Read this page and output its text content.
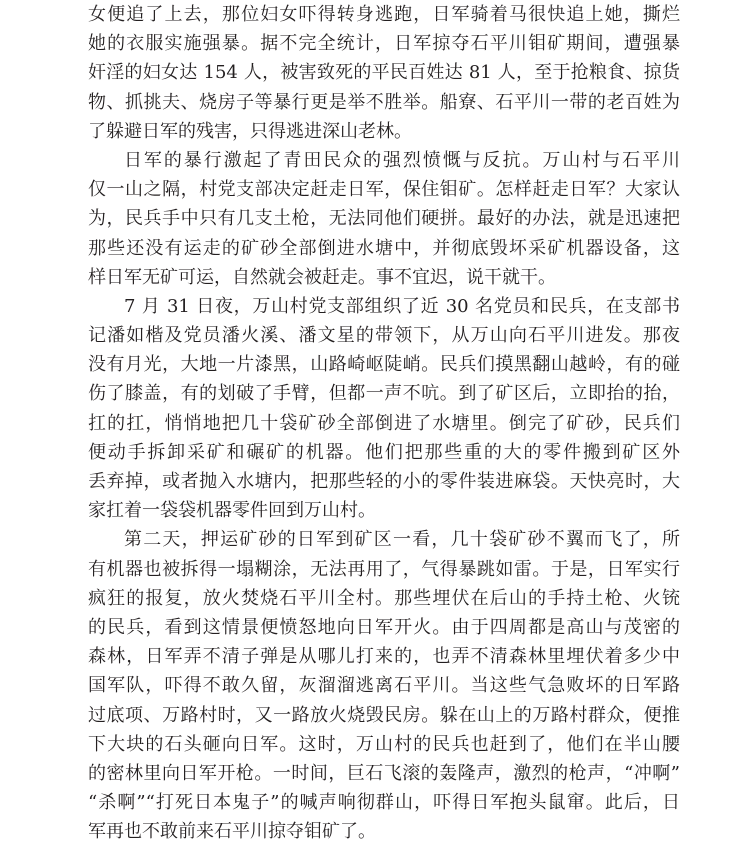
女便追了上去，那位妇女吓得转身逃跑，日军骑着马很快追上她，撕烂
她的衣服实施强暴。据不完全统计，日军掠夺石平川钼矿期间，遭强暴
奸淫的妇女达 154 人，被害致死的平民百姓达 81 人，至于抢粮食、掠货
物、抓挑夫、烧房子等暴行更是举不胜举。船寮、石平川一带的老百姓为
了躲避日军的残害，只得逃进深山老林。
日军的暴行激起了青田民众的强烈愤慨与反抗。万山村与石平川
仅一山之隔，村党支部决定赶走日军，保住钼矿。怎样赶走日军？大家认
为，民兵手中只有几支土枪，无法同他们硬拼。最好的办法，就是迅速把
那些还没有运走的矿砂全部倒进水塘中，并彻底毁坏采矿机器设备，这
样日军无矿可运，自然就会被赶走。事不宜迟，说干就干。
7 月 31 日夜，万山村党支部组织了近 30 名党员和民兵，在支部书
记潘如楷及党员潘火溪、潘文星的带领下，从万山向石平川进发。那夜
没有月光，大地一片漆黑，山路崎岖陡峭。民兵们摸黑翻山越岭，有的碰
伤了膝盖，有的划破了手臂，但都一声不吭。到了矿区后，立即抬的抬，
扛的扛，悄悄地把几十袋矿砂全部倒进了水塘里。倒完了矿砂，民兵们
便动手拆卸采矿和碾矿的机器。他们把那些重的大的零件搬到矿区外
丢弃掉，或者抛入水塘内，把那些轻的小的零件装进麻袋。天快亮时，大
家扛着一袋袋机器零件回到万山村。
第二天，押运矿砂的日军到矿区一看，几十袋矿砂不翼而飞了，所
有机器也被拆得一塌糊涂，无法再用了，气得暴跳如雷。于是，日军实行
疯狂的报复，放火焚烧石平川全村。那些埋伏在后山的手持土枪、火铳
的民兵，看到这情景便愤怒地向日军开火。由于四周都是高山与茂密的
森林，日军弄不清子弹是从哪儿打来的，也弄不清森林里埋伏着多少中
国军队，吓得不敢久留，灰溜溜逃离石平川。当这些气急败坏的日军路
过底项、万路村时，又一路放火烧毁民房。躲在山上的万路村群众，便推
下大块的石头砸向日军。这时，万山村的民兵也赶到了，他们在半山腰
的密林里向日军开枪。一时间，巨石飞滚的轰隆声，激烈的枪声，“冲啊”
“杀啊”“打死日本鬼子”的喊声响彻群山，吓得日军抱头鼠窜。此后，日
军再也不敢前来石平川掠夺钼矿了。
